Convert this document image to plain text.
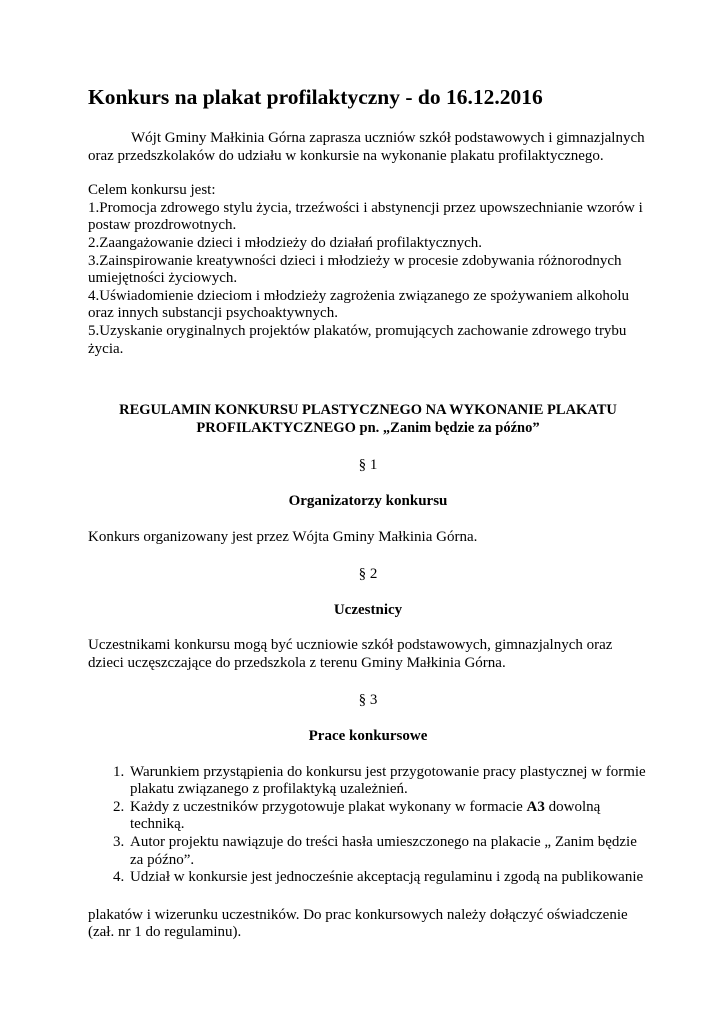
Konkurs na plakat profilaktyczny - do 16.12.2016

Wójt Gminy Małkinia Górna zaprasza uczniów szkół podstawowych i gimnazjalnych oraz przedszkolaków do udziału w konkursie na wykonanie plakatu profilaktycznego.

Celem konkursu jest:

1.Promocja zdrowego stylu życia, trzeźwości i abstynencji przez upowszechnianie wzorów i postaw prozdrowotnych.

2.Zaangażowanie dzieci i młodzieży do działań profilaktycznych.

3.Zainspirowanie kreatywności dzieci i młodzieży w procesie zdobywania różnorodnych umiejętności życiowych.

4.Uświadomienie dzieciom i młodzieży zagrożenia związanego ze spożywaniem alkoholu oraz innych substancji psychoaktywnych.

5.Uzyskanie oryginalnych projektów plakatów, promujących zachowanie zdrowego trybu życia.

REGULAMIN KONKURSU PLASTYCZNEGO NA WYKONANIE PLAKATU PROFILAKTYCZNEGO pn. „Zanim będzie za późno”

§ 1

Organizatorzy konkursu

Konkurs organizowany jest przez Wójta Gminy Małkinia Górna.

§ 2

Uczestnicy

Uczestnikami konkursu mogą być uczniowie szkół podstawowych, gimnazjalnych oraz dzieci uczęszczające do przedszkola z terenu Gminy Małkinia Górna.

§ 3

Prace konkursowe

1. Warunkiem przystąpienia do konkursu jest przygotowanie pracy plastycznej w formie plakatu związanego z profilaktyką uzależnień.
2. Każdy z uczestników przygotowuje plakat wykonany w formacie A3 dowolną techniką.
3. Autor projektu nawiązuje do treści hasła umieszczonego na plakacie „ Zanim będzie za późno”.
4. Udział w konkursie jest jednocześnie akceptacją regulaminu i zgodą na publikowanie

plakatów i wizerunku uczestników. Do prac konkursowych należy dołączyć oświadczenie (zał. nr 1 do regulaminu).
